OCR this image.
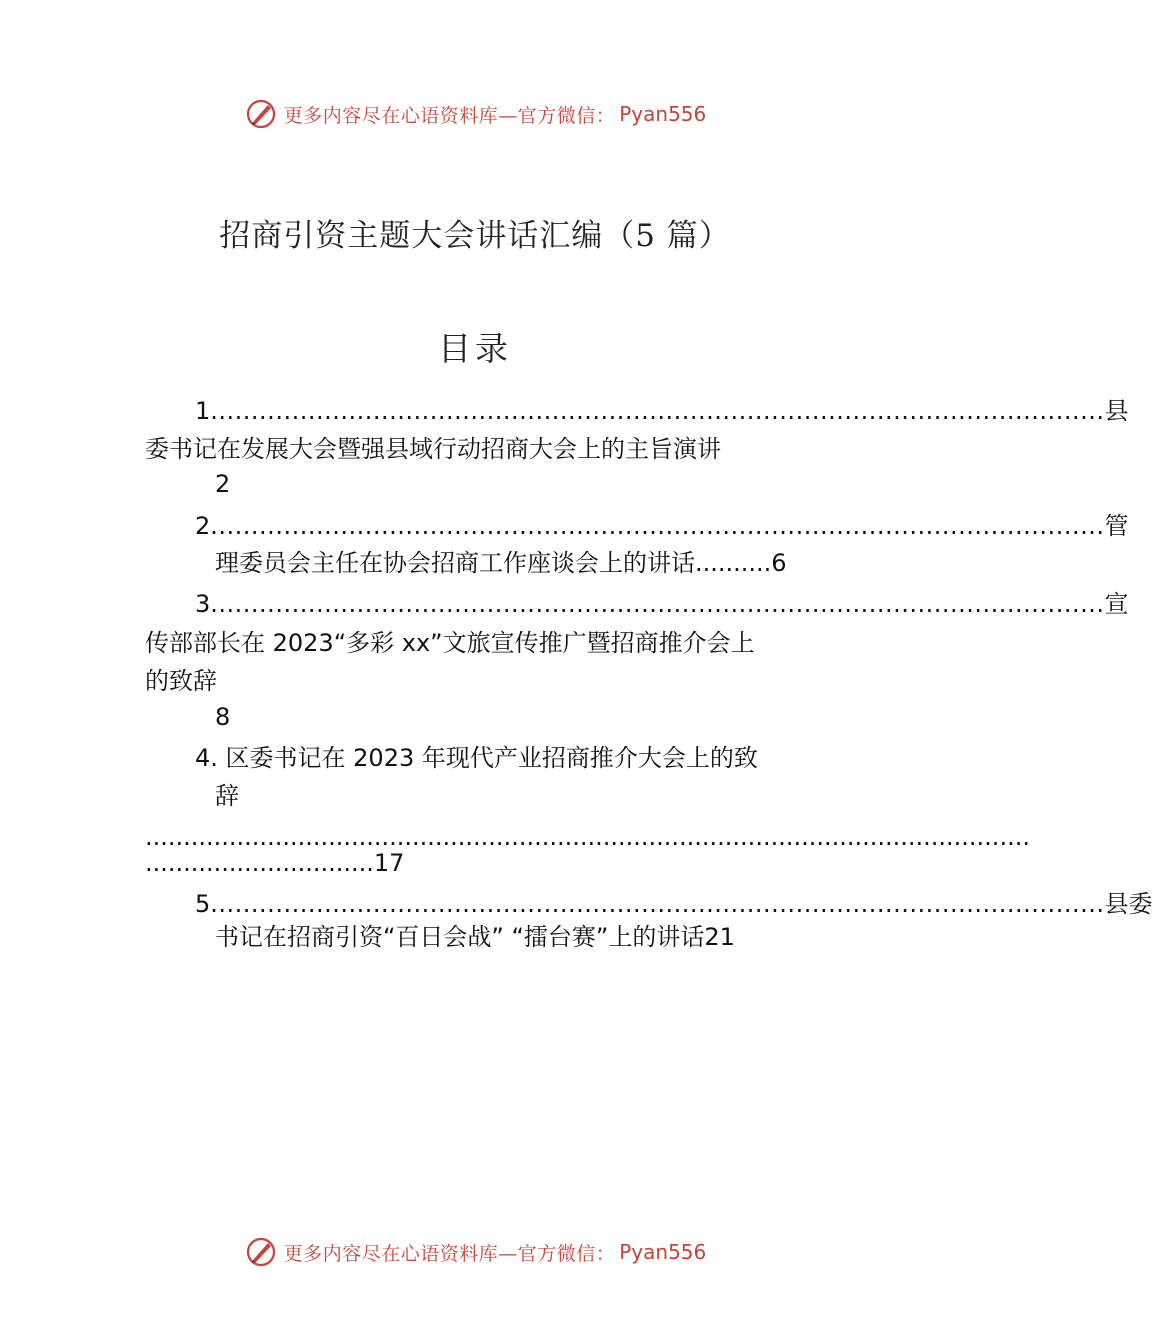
更多内容尽在心语资料库—官方微信： Pyan556
招商引资主题大会讲话汇编（5 篇）
目录
1 .............................................................................................................. 县
委书记在发展大会暨强县域行动招商大会上的主旨演讲
2
2 .............................................................................................................. 管
理委员会主任在协会招商工作座谈会上的讲话..........6
3 .............................................................................................................. 宣
传部部长在 2023“多彩 xx”文旅宣传推广暨招商推介会上
的致辞
8
4. 区委书记在 2023 年现代产业招商推介大会上的致
辞
....................................................................................................................
..............................17
5 .............................................................................................................. 县委
书记在招商引资“百日会战” “擂台赛”上的讲话21
更多内容尽在心语资料库—官方微信： Pyan556
